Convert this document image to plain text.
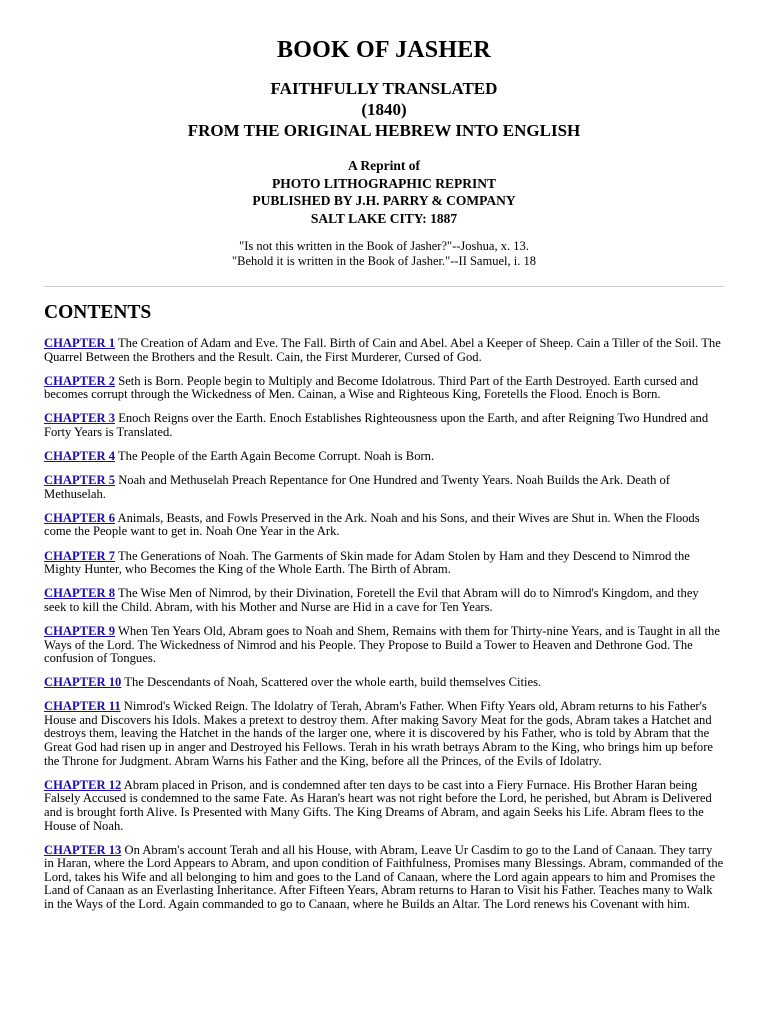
BOOK OF JASHER

FAITHFULLY TRANSLATED

(1840)

FROM THE ORIGINAL HEBREW INTO ENGLISH

A Reprint of

PHOTO LITHOGRAPHIC REPRINT

PUBLISHED BY J.H. PARRY & COMPANY

SALT LAKE CITY: 1887

"Is not this written in the Book of Jasher?"--Joshua, x. 13.

"Behold it is written in the Book of Jasher."--II Samuel, i. 18

CONTENTS

CHAPTER 1 The Creation of Adam and Eve. The Fall. Birth of Cain and Abel. Abel a Keeper of Sheep. Cain a Tiller of the Soil. The Quarrel Between the Brothers and the Result. Cain, the First Murderer, Cursed of God.

CHAPTER 2 Seth is Born. People begin to Multiply and Become Idolatrous. Third Part of the Earth Destroyed. Earth cursed and becomes corrupt through the Wickedness of Men. Cainan, a Wise and Righteous King, Foretells the Flood. Enoch is Born.

CHAPTER 3 Enoch Reigns over the Earth. Enoch Establishes Righteousness upon the Earth, and after Reigning Two Hundred and Forty Years is Translated.

CHAPTER 4 The People of the Earth Again Become Corrupt. Noah is Born.

CHAPTER 5 Noah and Methuselah Preach Repentance for One Hundred and Twenty Years. Noah Builds the Ark. Death of Methuselah.

CHAPTER 6 Animals, Beasts, and Fowls Preserved in the Ark. Noah and his Sons, and their Wives are Shut in. When the Floods come the People want to get in. Noah One Year in the Ark.

CHAPTER 7 The Generations of Noah. The Garments of Skin made for Adam Stolen by Ham and they Descend to Nimrod the Mighty Hunter, who Becomes the King of the Whole Earth. The Birth of Abram.

CHAPTER 8 The Wise Men of Nimrod, by their Divination, Foretell the Evil that Abram will do to Nimrod's Kingdom, and they seek to kill the Child. Abram, with his Mother and Nurse are Hid in a cave for Ten Years.

CHAPTER 9 When Ten Years Old, Abram goes to Noah and Shem, Remains with them for Thirty-nine Years, and is Taught in all the Ways of the Lord. The Wickedness of Nimrod and his People. They Propose to Build a Tower to Heaven and Dethrone God. The confusion of Tongues.

CHAPTER 10 The Descendants of Noah, Scattered over the whole earth, build themselves Cities.

CHAPTER 11 Nimrod's Wicked Reign. The Idolatry of Terah, Abram's Father. When Fifty Years old, Abram returns to his Father's House and Discovers his Idols. Makes a pretext to destroy them. After making Savory Meat for the gods, Abram takes a Hatchet and destroys them, leaving the Hatchet in the hands of the larger one, where it is discovered by his Father, who is told by Abram that the Great God had risen up in anger and Destroyed his Fellows. Terah in his wrath betrays Abram to the King, who brings him up before the Throne for Judgment. Abram Warns his Father and the King, before all the Princes, of the Evils of Idolatry.

CHAPTER 12 Abram placed in Prison, and is condemned after ten days to be cast into a Fiery Furnace. His Brother Haran being Falsely Accused is condemned to the same Fate. As Haran's heart was not right before the Lord, he perished, but Abram is Delivered and is brought forth Alive. Is Presented with Many Gifts. The King Dreams of Abram, and again Seeks his Life. Abram flees to the House of Noah.

CHAPTER 13 On Abram's account Terah and all his House, with Abram, Leave Ur Casdim to go to the Land of Canaan. They tarry in Haran, where the Lord Appears to Abram, and upon condition of Faithfulness, Promises many Blessings. Abram, commanded of the Lord, takes his Wife and all belonging to him and goes to the Land of Canaan, where the Lord again appears to him and Promises the Land of Canaan as an Everlasting Inheritance. After Fifteen Years, Abram returns to Haran to Visit his Father. Teaches many to Walk in the Ways of the Lord. Again commanded to go to Canaan, where he Builds an Altar. The Lord renews his Covenant with him.
